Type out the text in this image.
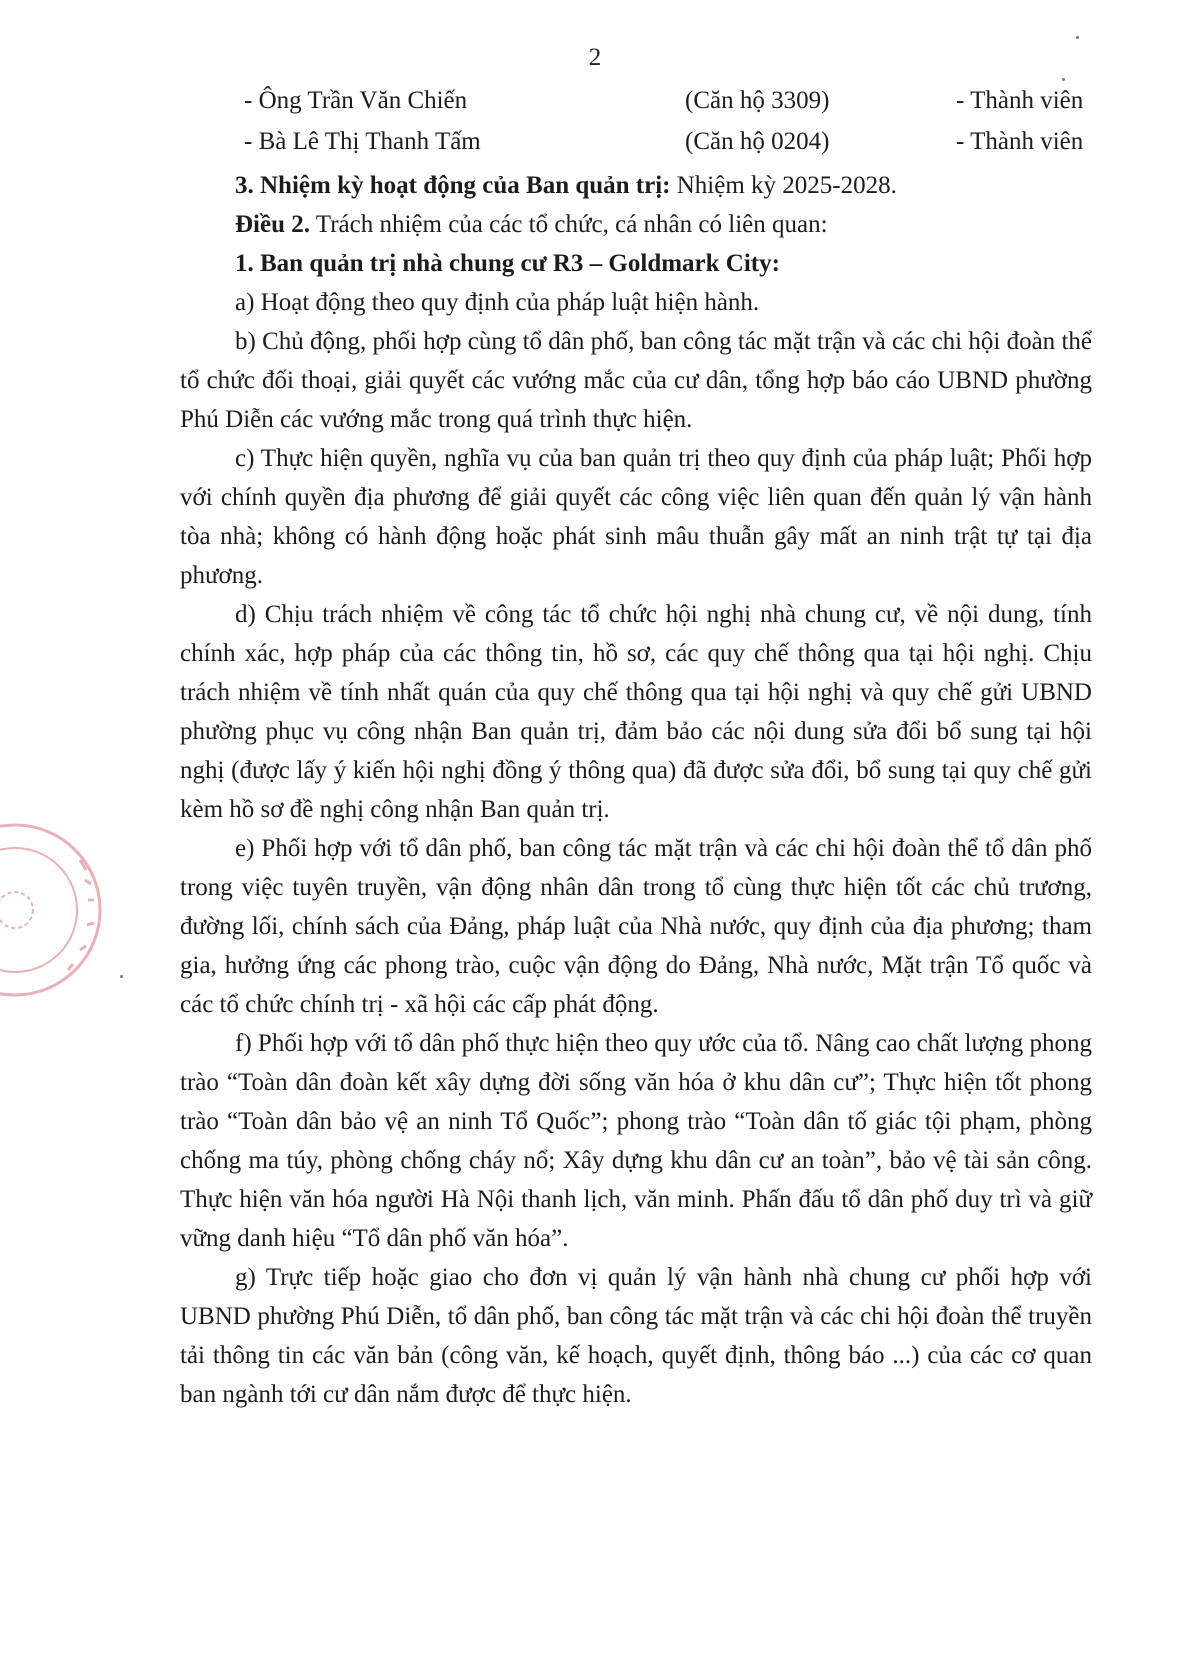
2
- Ông Trần Văn Chiến	(Căn hộ 3309)	- Thành viên
- Bà Lê Thị Thanh Tấm	(Căn hộ 0204)	- Thành viên

3. Nhiệm kỳ hoạt động của Ban quản trị: Nhiệm kỳ 2025-2028.

Điều 2. Trách nhiệm của các tổ chức, cá nhân có liên quan:

1. Ban quản trị nhà chung cư R3 – Goldmark City:

a) Hoạt động theo quy định của pháp luật hiện hành.

b) Chủ động, phối hợp cùng tổ dân phố, ban công tác mặt trận và các chi hội đoàn thể tổ chức đối thoại, giải quyết các vướng mắc của cư dân, tổng hợp báo cáo UBND phường Phú Diễn các vướng mắc trong quá trình thực hiện.

c) Thực hiện quyền, nghĩa vụ của ban quản trị theo quy định của pháp luật; Phối hợp với chính quyền địa phương để giải quyết các công việc liên quan đến quản lý vận hành tòa nhà; không có hành động hoặc phát sinh mâu thuẫn gây mất an ninh trật tự tại địa phương.

d) Chịu trách nhiệm về công tác tổ chức hội nghị nhà chung cư, về nội dung, tính chính xác, hợp pháp của các thông tin, hồ sơ, các quy chế thông qua tại hội nghị. Chịu trách nhiệm về tính nhất quán của quy chế thông qua tại hội nghị và quy chế gửi UBND phường phục vụ công nhận Ban quản trị, đảm bảo các nội dung sửa đổi bổ sung tại hội nghị (được lấy ý kiến hội nghị đồng ý thông qua) đã được sửa đổi, bổ sung tại quy chế gửi kèm hồ sơ đề nghị công nhận Ban quản trị.

e) Phối hợp với tổ dân phố, ban công tác mặt trận và các chi hội đoàn thể tổ dân phố trong việc tuyên truyền, vận động nhân dân trong tổ cùng thực hiện tốt các chủ trương, đường lối, chính sách của Đảng, pháp luật của Nhà nước, quy định của địa phương; tham gia, hưởng ứng các phong trào, cuộc vận động do Đảng, Nhà nước, Mặt trận Tổ quốc và các tổ chức chính trị - xã hội các cấp phát động.

f) Phối hợp với tổ dân phố thực hiện theo quy ước của tổ. Nâng cao chất lượng phong trào “Toàn dân đoàn kết xây dựng đời sống văn hóa ở khu dân cư”; Thực hiện tốt phong trào “Toàn dân bảo vệ an ninh Tổ Quốc”; phong trào “Toàn dân tố giác tội phạm, phòng chống ma túy, phòng chống cháy nổ; Xây dựng khu dân cư an toàn”, bảo vệ tài sản công. Thực hiện văn hóa người Hà Nội thanh lịch, văn minh. Phấn đấu tổ dân phố duy trì và giữ vững danh hiệu “Tổ dân phố văn hóa”.

g) Trực tiếp hoặc giao cho đơn vị quản lý vận hành nhà chung cư phối hợp với UBND phường Phú Diễn, tổ dân phố, ban công tác mặt trận và các chi hội đoàn thể truyền tải thông tin các văn bản (công văn, kế hoạch, quyết định, thông báo ...) của các cơ quan ban ngành tới cư dân nắm được để thực hiện.
